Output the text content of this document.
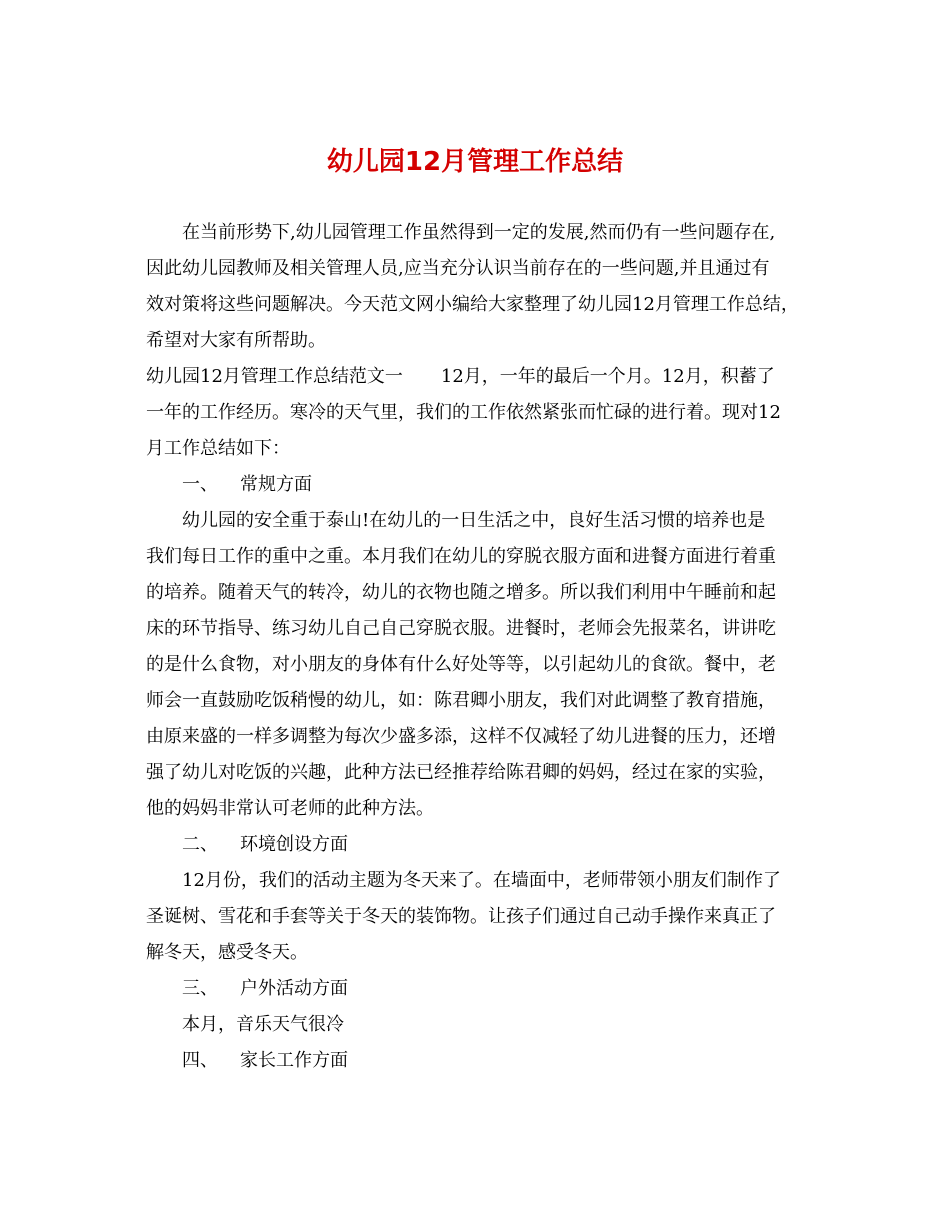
幼儿园12月管理工作总结
在当前形势下,幼儿园管理工作虽然得到一定的发展,然而仍有一些问题存在,
因此幼儿园教师及相关管理人员,应当充分认识当前存在的一些问题,并且通过有
效对策将这些问题解决。今天范文网小编给大家整理了幼儿园12月管理工作总结，
希望对大家有所帮助。
幼儿园12月管理工作总结范文一 12月，一年的最后一个月。12月，积蓄了
一年的工作经历。寒冷的天气里，我们的工作依然紧张而忙碌的进行着。现对12
月工作总结如下：
一、 常规方面
幼儿园的安全重于泰山!在幼儿的一日生活之中，良好生活习惯的培养也是
我们每日工作的重中之重。本月我们在幼儿的穿脱衣服方面和进餐方面进行着重
的培养。随着天气的转冷，幼儿的衣物也随之增多。所以我们利用中午睡前和起
床的环节指导、练习幼儿自己自己穿脱衣服。进餐时，老师会先报菜名，讲讲吃
的是什么食物，对小朋友的身体有什么好处等等，以引起幼儿的食欲。餐中，老
师会一直鼓励吃饭稍慢的幼儿，如：陈君卿小朋友，我们对此调整了教育措施，
由原来盛的一样多调整为每次少盛多添，这样不仅减轻了幼儿进餐的压力，还增
强了幼儿对吃饭的兴趣，此种方法已经推荐给陈君卿的妈妈，经过在家的实验，
他的妈妈非常认可老师的此种方法。
二、 环境创设方面
12月份，我们的活动主题为冬天来了。在墙面中，老师带领小朋友们制作了
圣诞树、雪花和手套等关于冬天的装饰物。让孩子们通过自己动手操作来真正了
解冬天，感受冬天。
三、 户外活动方面
本月，音乐天气很冷
四、 家长工作方面
